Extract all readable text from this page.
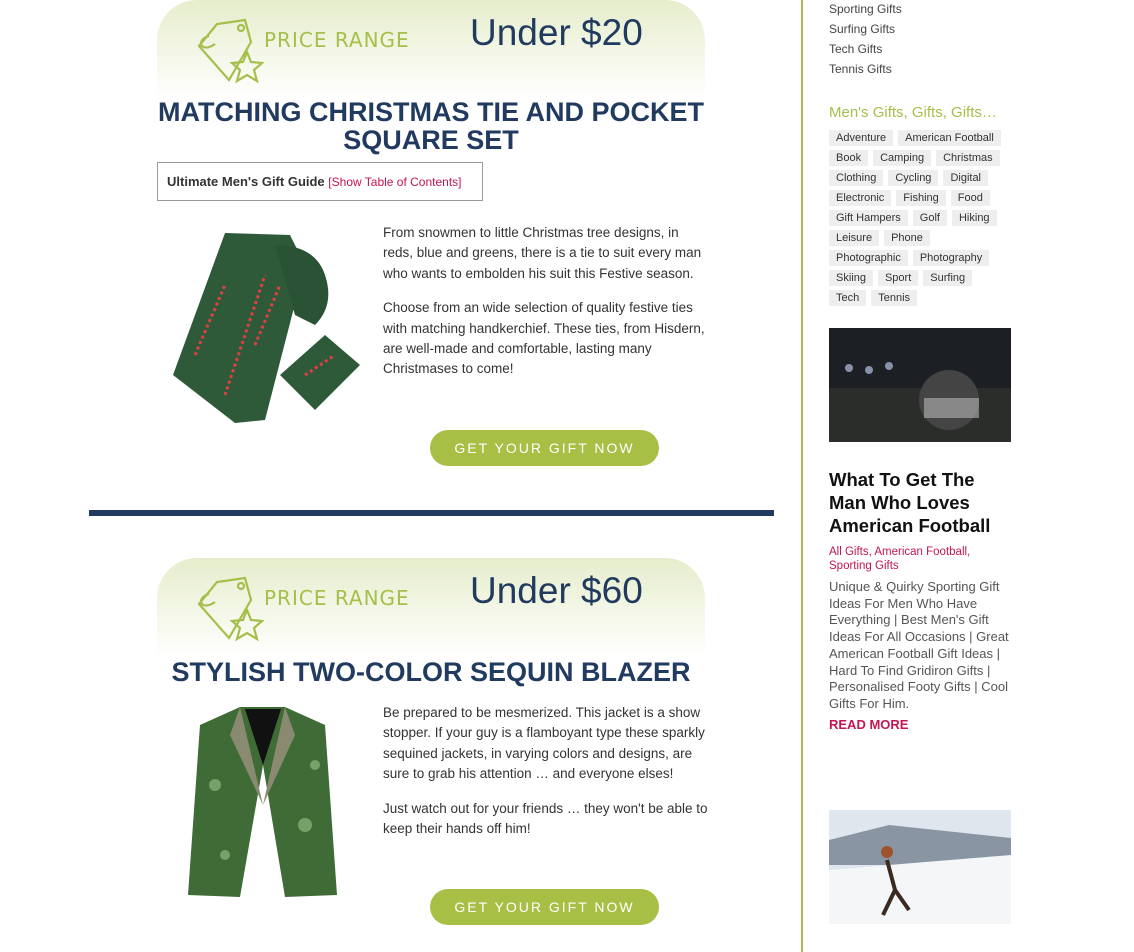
PRICE RANGE Under $20
MATCHING CHRISTMAS TIE AND POCKET SQUARE SET
Ultimate Men's Gift Guide [Show Table of Contents]

From snowmen to little Christmas tree designs, in reds, blue and greens, there is a tie to suit every man who wants to embolden his suit this Festive season.

Choose from an wide selection of quality festive ties with matching handkerchief. These ties, from Hisdern, are well-made and comfortable, lasting many Christmases to come!

GET YOUR GIFT NOW
PRICE RANGE Under $60
STYLISH TWO-COLOR SEQUIN BLAZER

Be prepared to be mesmerized. This jacket is a show stopper. If your guy is a flamboyant type these sparkly sequined jackets, in varying colors and designs, are sure to grab his attention … and everyone elses!

Just watch out for your friends … they won't be able to keep their hands off him!

GET YOUR GIFT NOW
Sporting Gifts
Surfing Gifts
Tech Gifts
Tennis Gifts
Men's Gifts, Gifts, Gifts…
Adventure	American Football
Book	Camping	Christmas
Clothing	Cycling	Digital
Electronic	Fishing	Food
Gift Hampers	Golf	Hiking
Leisure	Phone
Photographic	Photography
Skiing	Sport	Surfing
Tech	Tennis
What To Get The Man Who Loves American Football
All Gifts, American Football, Sporting Gifts
Unique & Quirky Sporting Gift Ideas For Men Who Have Everything | Best Men's Gift Ideas For All Occasions | Great American Football Gift Ideas | Hard To Find Gridiron Gifts | Personalised Footy Gifts | Cool Gifts For Him.
READ MORE
